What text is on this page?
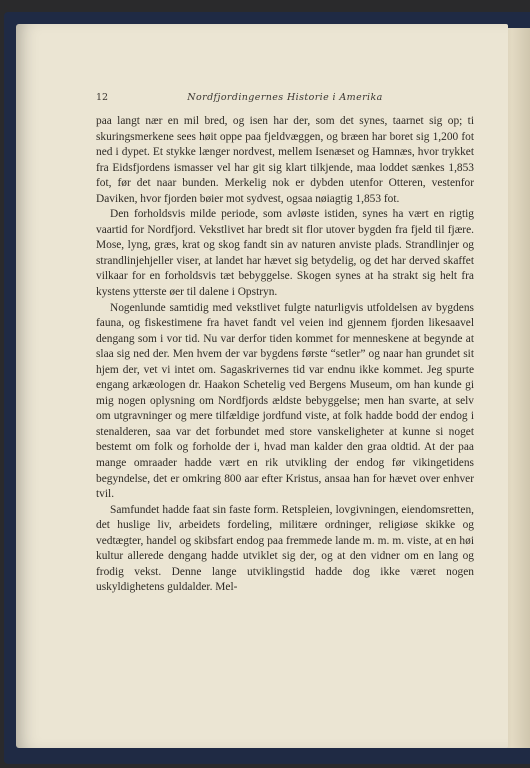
12	Nordfjordingernes Historie i Amerika

paa langt nær en mil bred, og isen har der, som det synes, taarnet sig op; ti skuringsmerkene sees høit oppe paa fjeldvæggen, og bræen har boret sig 1,200 fot ned i dypet. Et stykke længer nordvest, mellem Isenæset og Hamnæs, hvor trykket fra Eidsfjordens ismasser vel har git sig klart tilkjende, maa loddet sænkes 1,853 fot, før det naar bunden. Merkelig nok er dybden utenfor Otteren, vestenfor Daviken, hvor fjorden bøier mot sydvest, ogsaa nøiagtig 1,853 fot.

Den forholdsvis milde periode, som avløste istiden, synes ha vært en rigtig vaartid for Nordfjord. Vekstlivet har bredt sit flor utover bygden fra fjeld til fjære. Mose, lyng, græs, krat og skog fandt sin av naturen anviste plads. Strandlinjer og strandlinjehjeller viser, at landet har hævet sig betydelig, og det har derved skaffet vilkaar for en forholdsvis tæt bebyggelse. Skogen synes at ha strakt sig helt fra kystens ytterste øer til dalene i Opstryn.

Nogenlunde samtidig med vekstlivet fulgte naturligvis utfoldelsen av bygdens fauna, og fiskestimene fra havet fandt vel veien ind gjennem fjorden likesaavel dengang som i vor tid. Nu var derfor tiden kommet for menneskene at begynde at slaa sig ned der. Men hvem der var bygdens første “setler” og naar han grundet sit hjem der, vet vi intet om. Sagaskrivernes tid var endnu ikke kommet. Jeg spurte engang arkæologen dr. Haakon Schetelig ved Bergens Museum, om han kunde gi mig nogen oplysning om Nordfjords ældste bebyggelse; men han svarte, at selv om utgravninger og mere tilfældige jordfund viste, at folk hadde bodd der endog i stenalderen, saa var det forbundet med store vanskeligheter at kunne si noget bestemt om folk og forholde der i, hvad man kalder den graa oldtid. At der paa mange omraader hadde vært en rik utvikling der endog før vikingetidens begyndelse, det er omkring 800 aar efter Kristus, ansaa han for hævet over enhver tvil.

Samfundet hadde faat sin faste form. Retspleien, lovgivningen, eiendomsretten, det huslige liv, arbeidets fordeling, militære ordninger, religiøse skikke og vedtægter, handel og skibsfart endog paa fremmede lande m. m. m. viste, at en høi kultur allerede dengang hadde utviklet sig der, og at den vidner om en lang og frodig vekst. Denne lange utviklingstid hadde dog ikke været nogen uskyldighetens guldalder. Mel-
